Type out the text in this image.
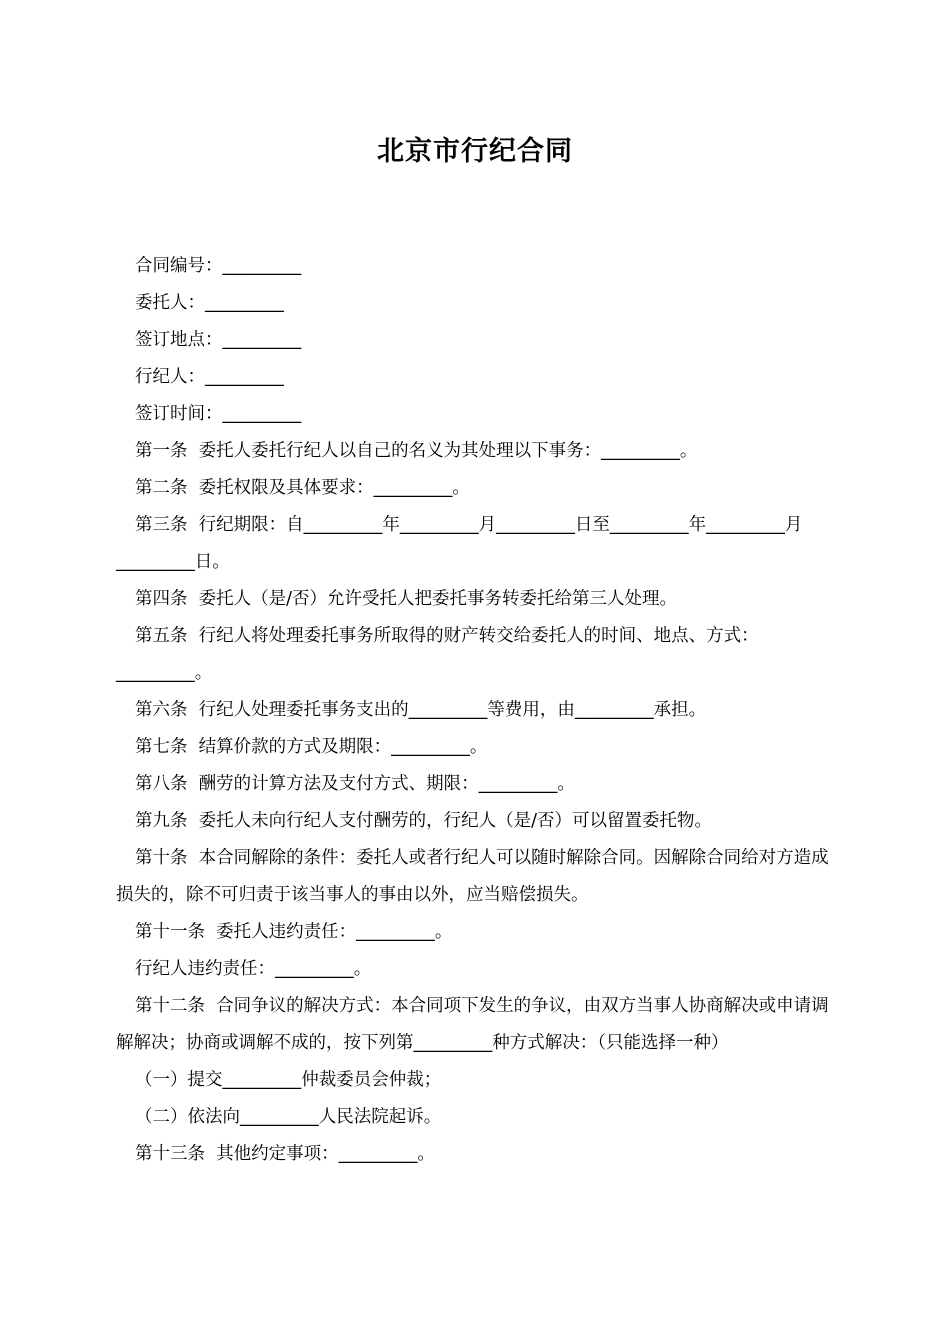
北京市行纪合同

合同编号：_________

委托人：_________

签订地点：_________

行纪人：_________

签订时间：_________

第一条  委托人委托行纪人以自己的名义为其处理以下事务：_________。

第二条  委托权限及具体要求：_________。

第三条  行纪期限：自_________年_________月_________日至_________年_________月_________日。

第四条  委托人（是/否）允许受托人把委托事务转委托给第三人处理。

第五条  行纪人将处理委托事务所取得的财产转交给委托人的时间、地点、方式：_________。

第六条  行纪人处理委托事务支出的_________等费用，由_________承担。

第七条  结算价款的方式及期限：_________。

第八条  酬劳的计算方法及支付方式、期限：_________。

第九条  委托人未向行纪人支付酬劳的，行纪人（是/否）可以留置委托物。

第十条  本合同解除的条件：委托人或者行纪人可以随时解除合同。因解除合同给对方造成损失的，除不可归责于该当事人的事由以外，应当赔偿损失。

第十一条  委托人违约责任：_________。

行纪人违约责任：_________。

第十二条  合同争议的解决方式：本合同项下发生的争议，由双方当事人协商解决或申请调解解决；协商或调解不成的，按下列第_________种方式解决：（只能选择一种）

（一）提交_________仲裁委员会仲裁；

（二）依法向_________人民法院起诉。

第十三条  其他约定事项：_________。
